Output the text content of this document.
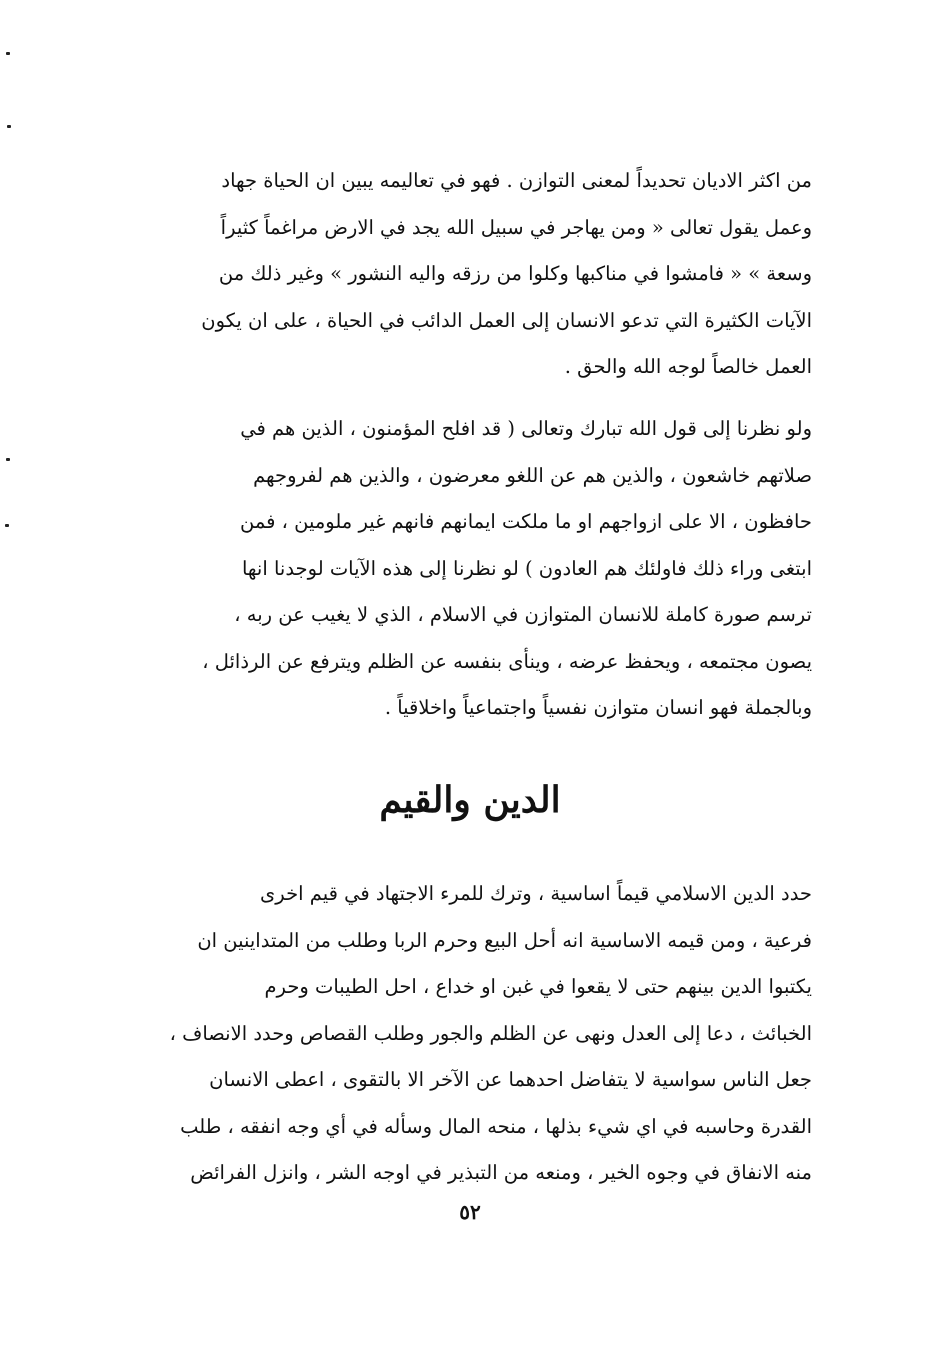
من اكثر الاديان تحديداً لمعنى التوازن . فهو في تعاليمه يبين ان الحياة جهاد
وعمل يقول تعالى « ومن يهاجر في سبيل الله يجد في الارض مراغماً كثيراً
وسعة » « فامشوا في مناكبها وكلوا من رزقه واليه النشور » وغير ذلك من
الآيات الكثيرة التي تدعو الانسان إلى العمل الدائب في الحياة ، على ان يكون
العمل خالصاً لوجه الله والحق .
ولو نظرنا إلى قول الله تبارك وتعالى ( قد افلح المؤمنون ، الذين هم في
صلاتهم خاشعون ، والذين هم عن اللغو معرضون ، والذين هم لفروجهم
حافظون ، الا على ازواجهم او ما ملكت ايمانهم فانهم غير ملومين ، فمن
ابتغى وراء ذلك فاولئك هم العادون ) لو نظرنا إلى هذه الآيات لوجدنا انها
ترسم صورة كاملة للانسان المتوازن في الاسلام ، الذي لا يغيب عن ربه ،
يصون مجتمعه ، ويحفظ عرضه ، وينأى بنفسه عن الظلم ويترفع عن الرذائل ،
وبالجملة فهو انسان متوازن نفسياً واجتماعياً واخلاقياً .
الدين والقيم
حدد الدين الاسلامي قيماً اساسية ، وترك للمرء الاجتهاد في قيم اخرى
فرعية ، ومن قيمه الاساسية انه أحل البيع وحرم الربا وطلب من المتداينين ان
يكتبوا الدين بينهم حتى لا يقعوا في غبن او خداع ، احل الطيبات وحرم
الخبائث ، دعا إلى العدل ونهى عن الظلم والجور وطلب القصاص وحدد الانصاف ،
جعل الناس سواسية لا يتفاضل احدهما عن الآخر الا بالتقوى ، اعطى الانسان
القدرة وحاسبه في اي شيء بذلها ، منحه المال وسأله في أي وجه انفقه ، طلب
منه الانفاق في وجوه الخير ، ومنعه من التبذير في اوجه الشر ، وانزل الفرائض
٥٢
